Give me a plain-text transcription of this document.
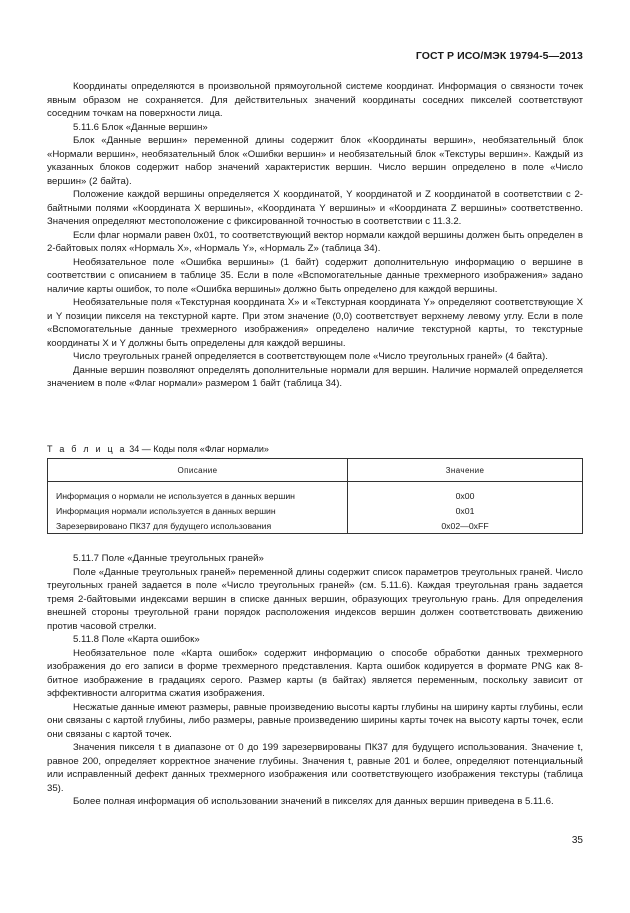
ГОСТ Р ИСО/МЭК 19794-5—2013

Координаты определяются в произвольной прямоугольной системе координат. Информация о связности точек явным образом не сохраняется. Для действительных значений координаты соседних пикселей соответствуют соседним точкам на поверхности лица.

5.11.6 Блок «Данные вершин»

Блок «Данные вершин» переменной длины содержит блок «Координаты вершин», необязательный блок «Нормали вершин», необязательный блок «Ошибки вершин» и необязательный блок «Текстуры вершин». Каждый из указанных блоков содержит набор значений характеристик вершин. Число вершин определено в поле «Число вершин» (2 байта).

Положение каждой вершины определяется X координатой, Y координатой и Z координатой в соответствии с 2-байтными полями «Координата X вершины», «Координата Y вершины» и «Координата Z вершины» соответственно. Значения определяют местоположение с фиксированной точностью в соответствии с 11.3.2.

Если флаг нормали равен 0x01, то соответствующий вектор нормали каждой вершины должен быть определен в 2-байтовых полях «Нормаль X», «Нормаль Y», «Нормаль Z» (таблица 34).

Необязательное поле «Ошибка вершины» (1 байт) содержит дополнительную информацию о вершине в соответствии с описанием в таблице 35. Если в поле «Вспомогательные данные трехмерного изображения» задано наличие карты ошибок, то поле «Ошибка вершины» должно быть определено для каждой вершины.

Необязательные поля «Текстурная координата X» и «Текстурная координата Y» определяют соответствующие X и Y позиции пикселя на текстурной карте. При этом значение (0,0) соответствует верхнему левому углу. Если в поле «Вспомогательные данные трехмерного изображения» определено наличие текстурной карты, то текстурные координаты X и Y должны быть определены для каждой вершины.

Число треугольных граней определяется в соответствующем поле «Число треугольных граней» (4 байта).

Данные вершин позволяют определять дополнительные нормали для вершин. Наличие нормалей определяется значением в поле «Флаг нормали» размером 1 байт (таблица 34).

Т а б л и ц а 34 — Коды поля «Флаг нормали»
Описание	Значение

Информация о нормали не используется в данных вершин	0x00
Информация нормали используется в данных вершин	0x01
Зарезервировано ПК37 для будущего использования	0x02—0xFF

5.11.7 Поле «Данные треугольных граней»

Поле «Данные треугольных граней» переменной длины содержит список параметров треугольных граней. Число треугольных граней задается в поле «Число треугольных граней» (см. 5.11.6). Каждая треугольная грань задается тремя 2-байтовыми индексами вершин в списке данных вершин, образующих треугольную грань. Для определения внешней стороны треугольной грани порядок расположения индексов вершин должен соответствовать движению против часовой стрелки.

5.11.8 Поле «Карта ошибок»

Необязательное поле «Карта ошибок» содержит информацию о способе обработки данных трехмерного изображения до его записи в форме трехмерного представления. Карта ошибок кодируется в формате PNG как 8-битное изображение в градациях серого. Размер карты (в байтах) является переменным, поскольку зависит от эффективности алгоритма сжатия изображения.

Несжатые данные имеют размеры, равные произведению высоты карты глубины на ширину карты глубины, если они связаны с картой глубины, либо размеры, равные произведению ширины карты точек на высоту карты точек, если они связаны с картой точек.

Значения пикселя t в диапазоне от 0 до 199 зарезервированы ПК37 для будущего использования. Значение t, равное 200, определяет корректное значение глубины. Значения t, равные 201 и более, определяют потенциальный или исправленный дефект данных трехмерного изображения или соответствующего изображения текстуры (таблица 35).

Более полная информация об использовании значений в пикселях для данных вершин приведена в 5.11.6.

35
